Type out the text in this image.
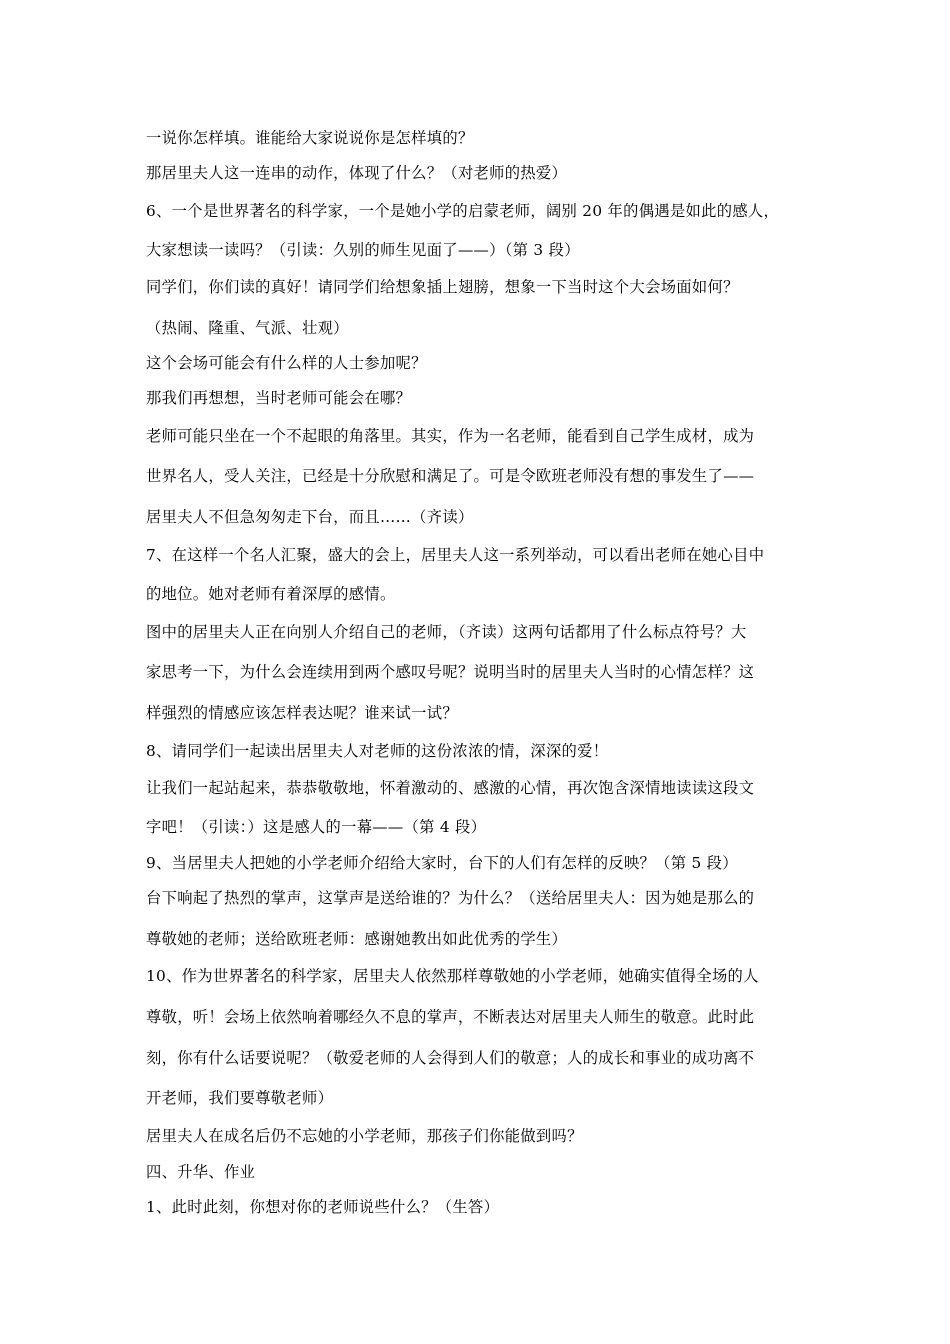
一说你怎样填。谁能给大家说说你是怎样填的？
那居里夫人这一连串的动作，体现了什么？（对老师的热爱）
6、一个是世界著名的科学家，一个是她小学的启蒙老师，阔别 20 年的偶遇是如此的感人，
大家想读一读吗？（引读：久别的师生见面了——）（第 3 段）
同学们，你们读的真好！请同学们给想象插上翅膀，想象一下当时这个大会场面如何？
（热闹、隆重、气派、壮观）
这个会场可能会有什么样的人士参加呢？
那我们再想想，当时老师可能会在哪？
老师可能只坐在一个不起眼的角落里。其实，作为一名老师，能看到自己学生成材，成为
世界名人，受人关注，已经是十分欣慰和满足了。可是令欧班老师没有想的事发生了——
居里夫人不但急匆匆走下台，而且……（齐读）
7、在这样一个名人汇聚，盛大的会上，居里夫人这一系列举动，可以看出老师在她心目中
的地位。她对老师有着深厚的感情。
图中的居里夫人正在向别人介绍自己的老师，（齐读）这两句话都用了什么标点符号？大
家思考一下，为什么会连续用到两个感叹号呢？说明当时的居里夫人当时的心情怎样？这
样强烈的情感应该怎样表达呢？谁来试一试？
8、请同学们一起读出居里夫人对老师的这份浓浓的情，深深的爱！
让我们一起站起来，恭恭敬敬地，怀着激动的、感激的心情，再次饱含深情地读读这段文
字吧！（引读：）这是感人的一幕——（第 4 段）
9、当居里夫人把她的小学老师介绍给大家时，台下的人们有怎样的反映？（第 5 段）
台下响起了热烈的掌声，这掌声是送给谁的？为什么？（送给居里夫人：因为她是那么的
尊敬她的老师；送给欧班老师：感谢她教出如此优秀的学生）
10、作为世界著名的科学家，居里夫人依然那样尊敬她的小学老师，她确实值得全场的人
尊敬，听！会场上依然响着哪经久不息的掌声，不断表达对居里夫人师生的敬意。此时此
刻，你有什么话要说呢？（敬爱老师的人会得到人们的敬意；人的成长和事业的成功离不
开老师，我们要尊敬老师）
居里夫人在成名后仍不忘她的小学老师，那孩子们你能做到吗？
四、升华、作业
1、此时此刻，你想对你的老师说些什么？（生答）
